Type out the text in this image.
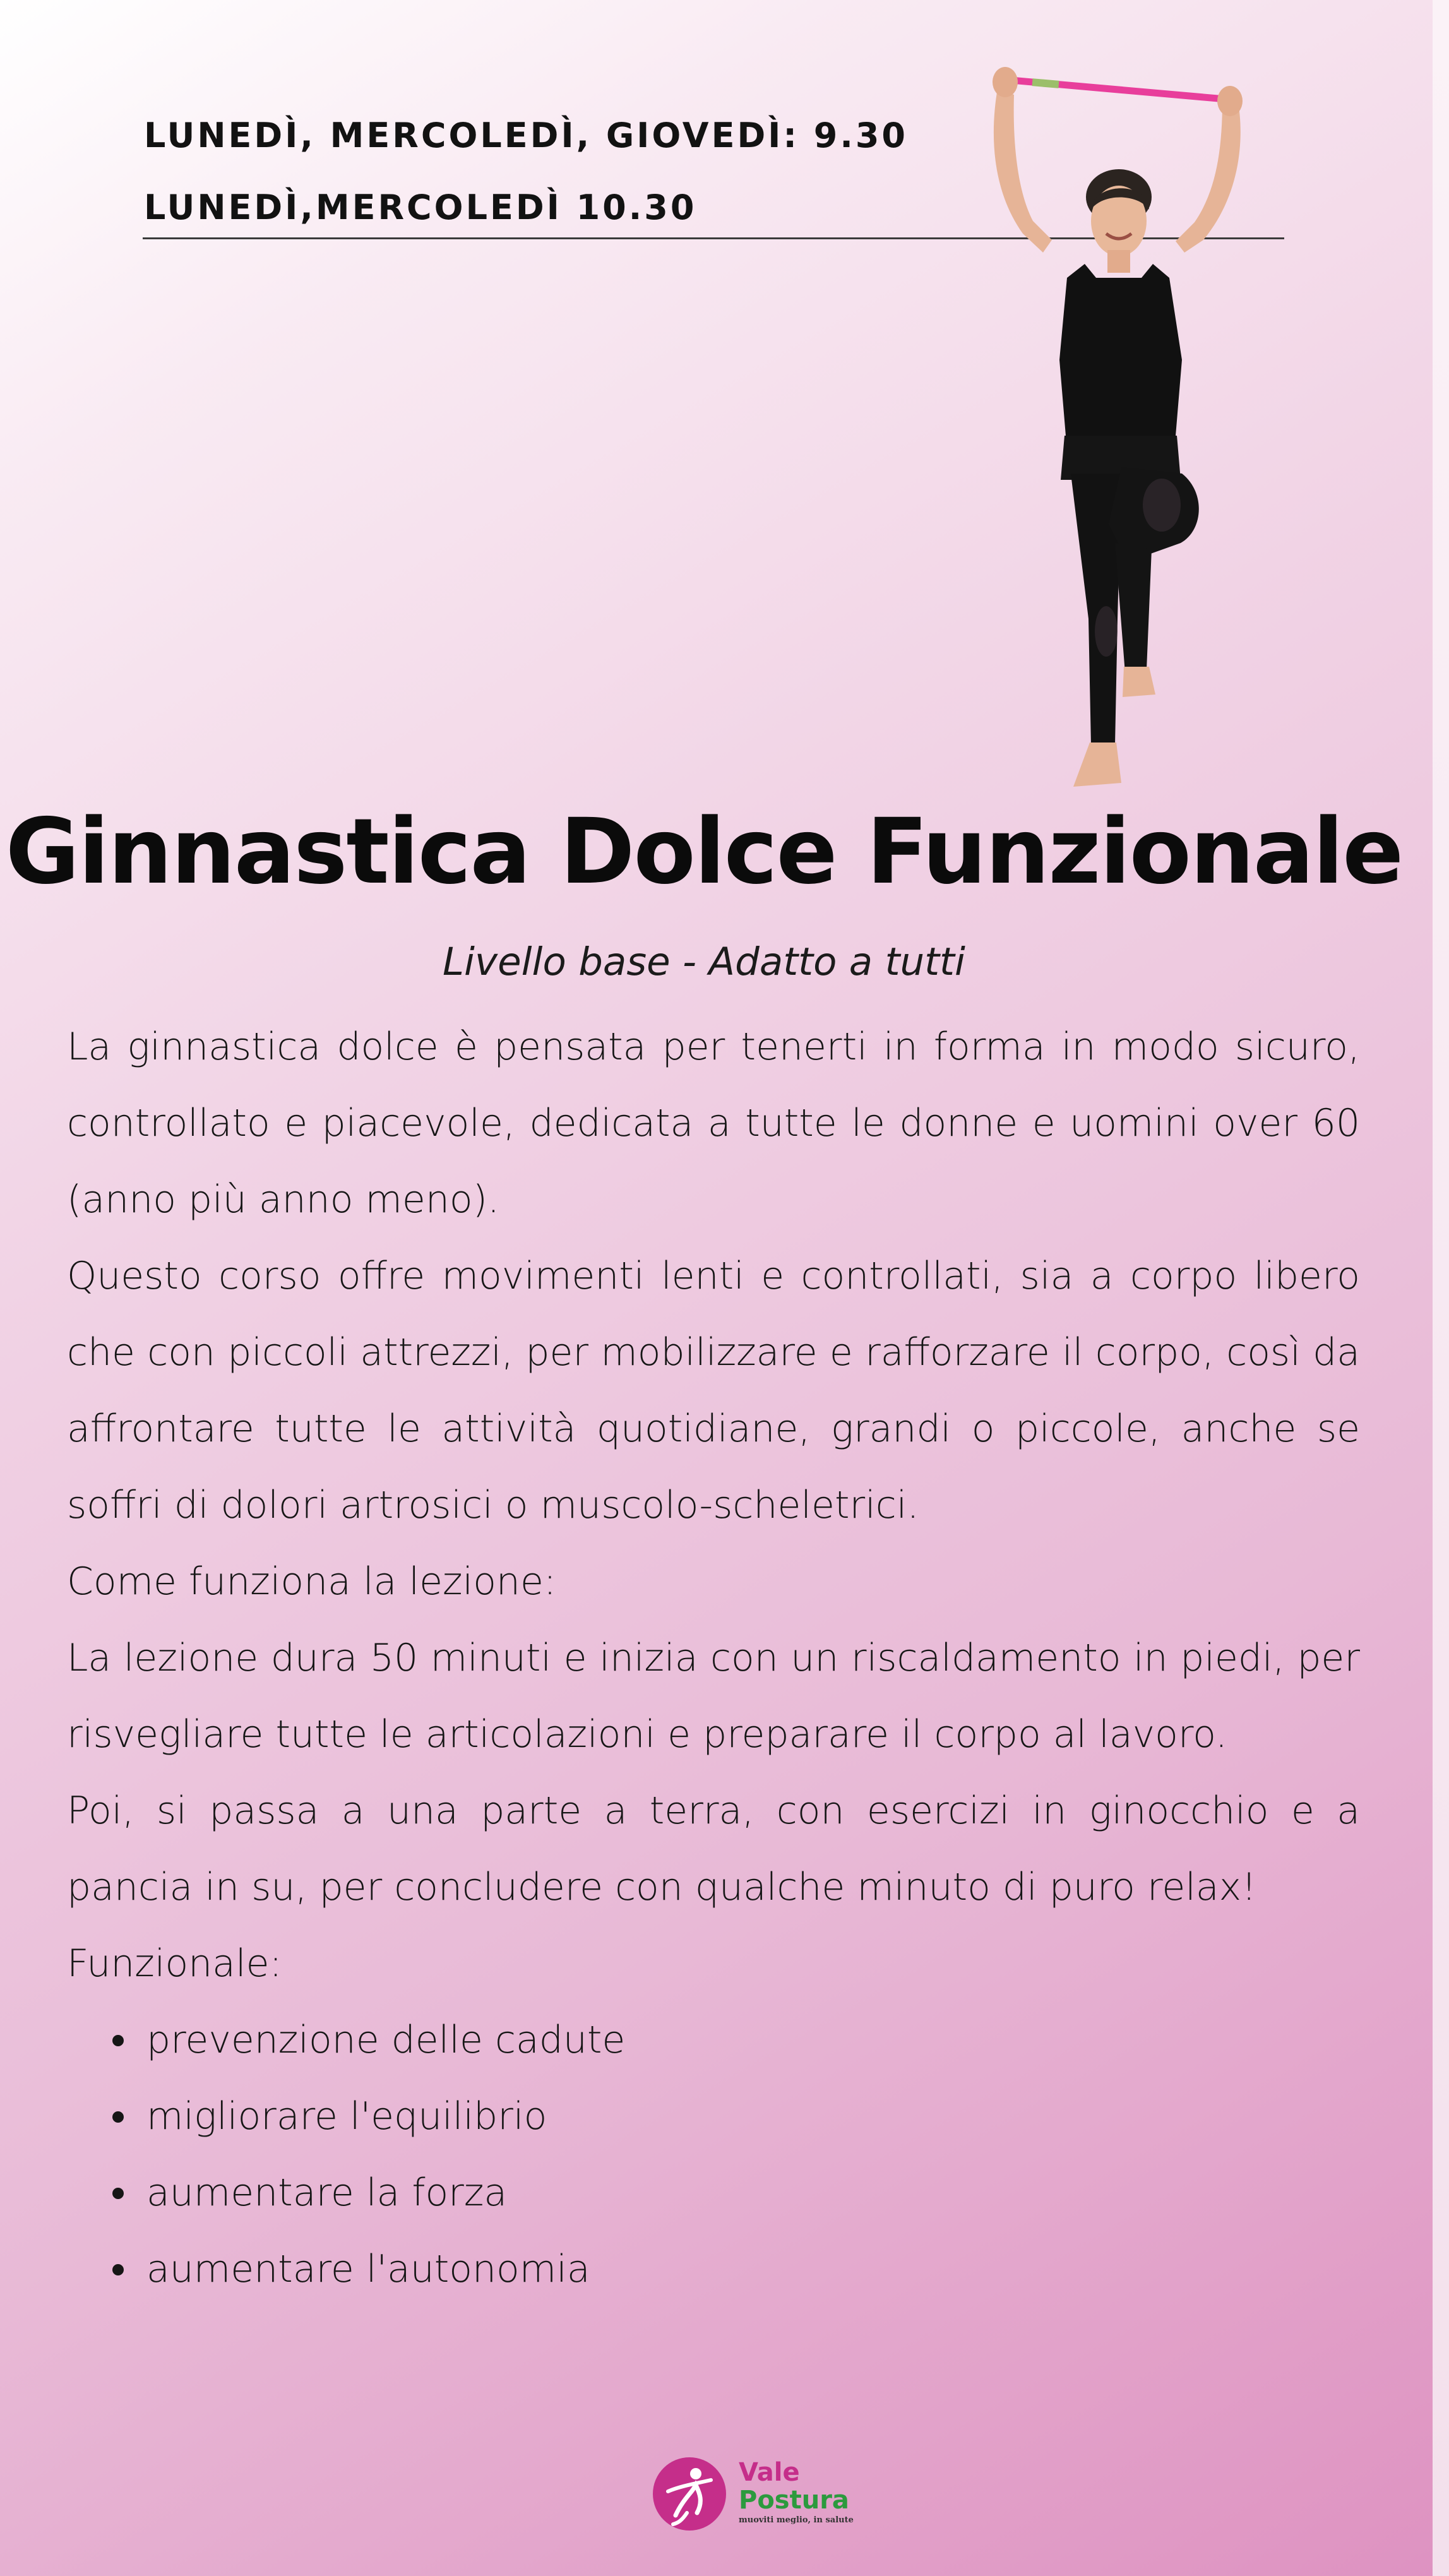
LUNEDÌ, MERCOLEDÌ, GIOVEDÌ: 9.30
LUNEDÌ,MERCOLEDÌ 10.30
Ginnastica Dolce Funzionale
Livello base - Adatto a tutti

La ginnastica dolce è pensata per tenerti in forma in modo sicuro, controllato e piacevole, dedicata a tutte le donne e uomini over 60 (anno più anno meno).

Questo corso offre movimenti lenti e controllati, sia a corpo libero che con piccoli attrezzi, per mobilizzare e rafforzare il corpo, così da affrontare tutte le attività quotidiane, grandi o piccole, anche se soffri di dolori artrosici o muscolo-scheletrici.

Come funziona la lezione:

La lezione dura 50 minuti e inizia con un riscaldamento in piedi, per risvegliare tutte le articolazioni e preparare il corpo al lavoro.

Poi, si passa a una parte a terra, con esercizi in ginocchio e a pancia in su, per concludere con qualche minuto di puro relax!

Funzionale:

prevenzione delle cadute
migliorare l'equilibrio
aumentare la forza
aumentare l'autonomia
Vale
Postura
muoviti meglio, in salute
